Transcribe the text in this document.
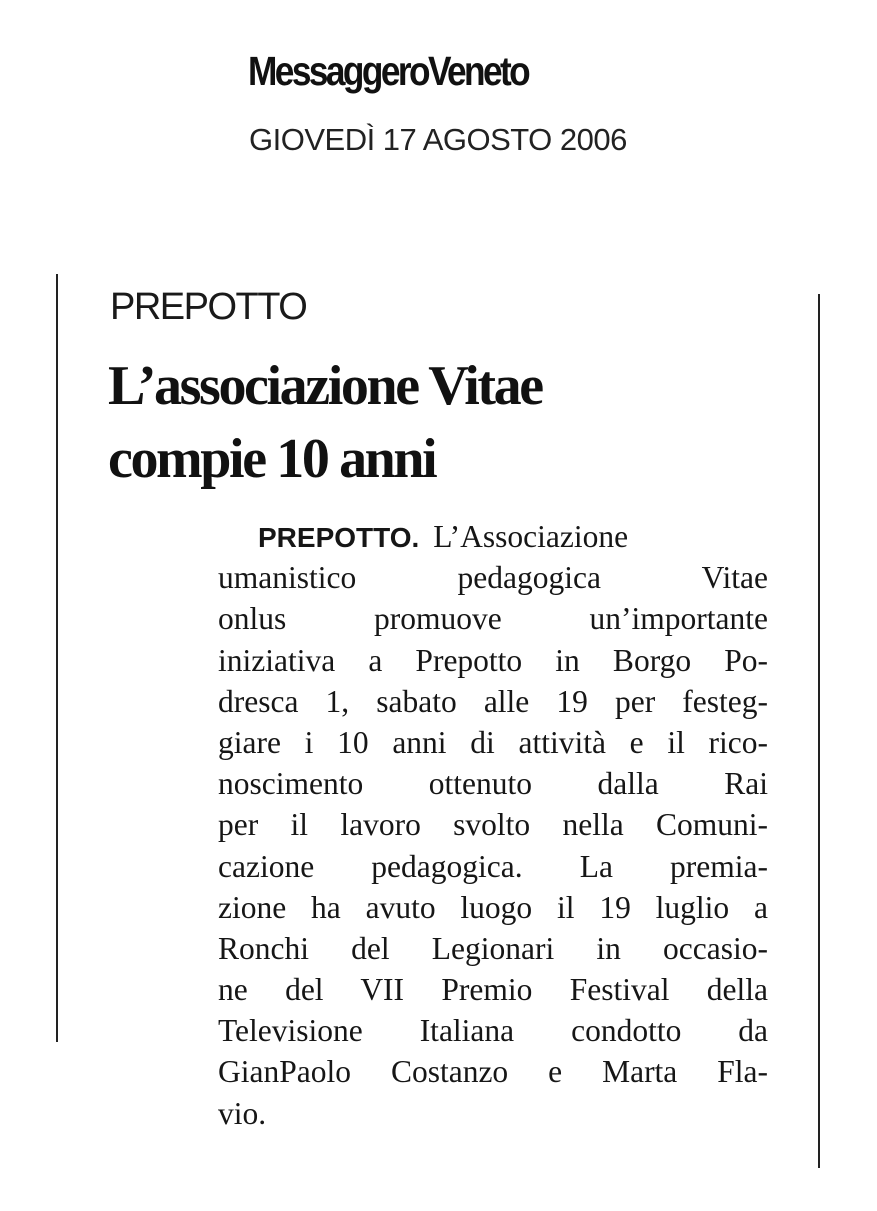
MessaggeroVeneto
GIOVEDÌ 17 AGOSTO 2006
PREPOTTO
L’associazione Vitae
compie 10 anni
PREPOTTO. L’Associazione
umanistico pedagogica Vitae
onlus promuove un’importante
iniziativa a Prepotto in Borgo Po-
dresca 1, sabato alle 19 per festeg-
giare i 10 anni di attività e il rico-
noscimento ottenuto dalla Rai
per il lavoro svolto nella Comuni-
cazione pedagogica. La premia-
zione ha avuto luogo il 19 luglio a
Ronchi del Legionari in occasio-
ne del VII Premio Festival della
Televisione Italiana condotto da
GianPaolo Costanzo e Marta Fla-
vio.
